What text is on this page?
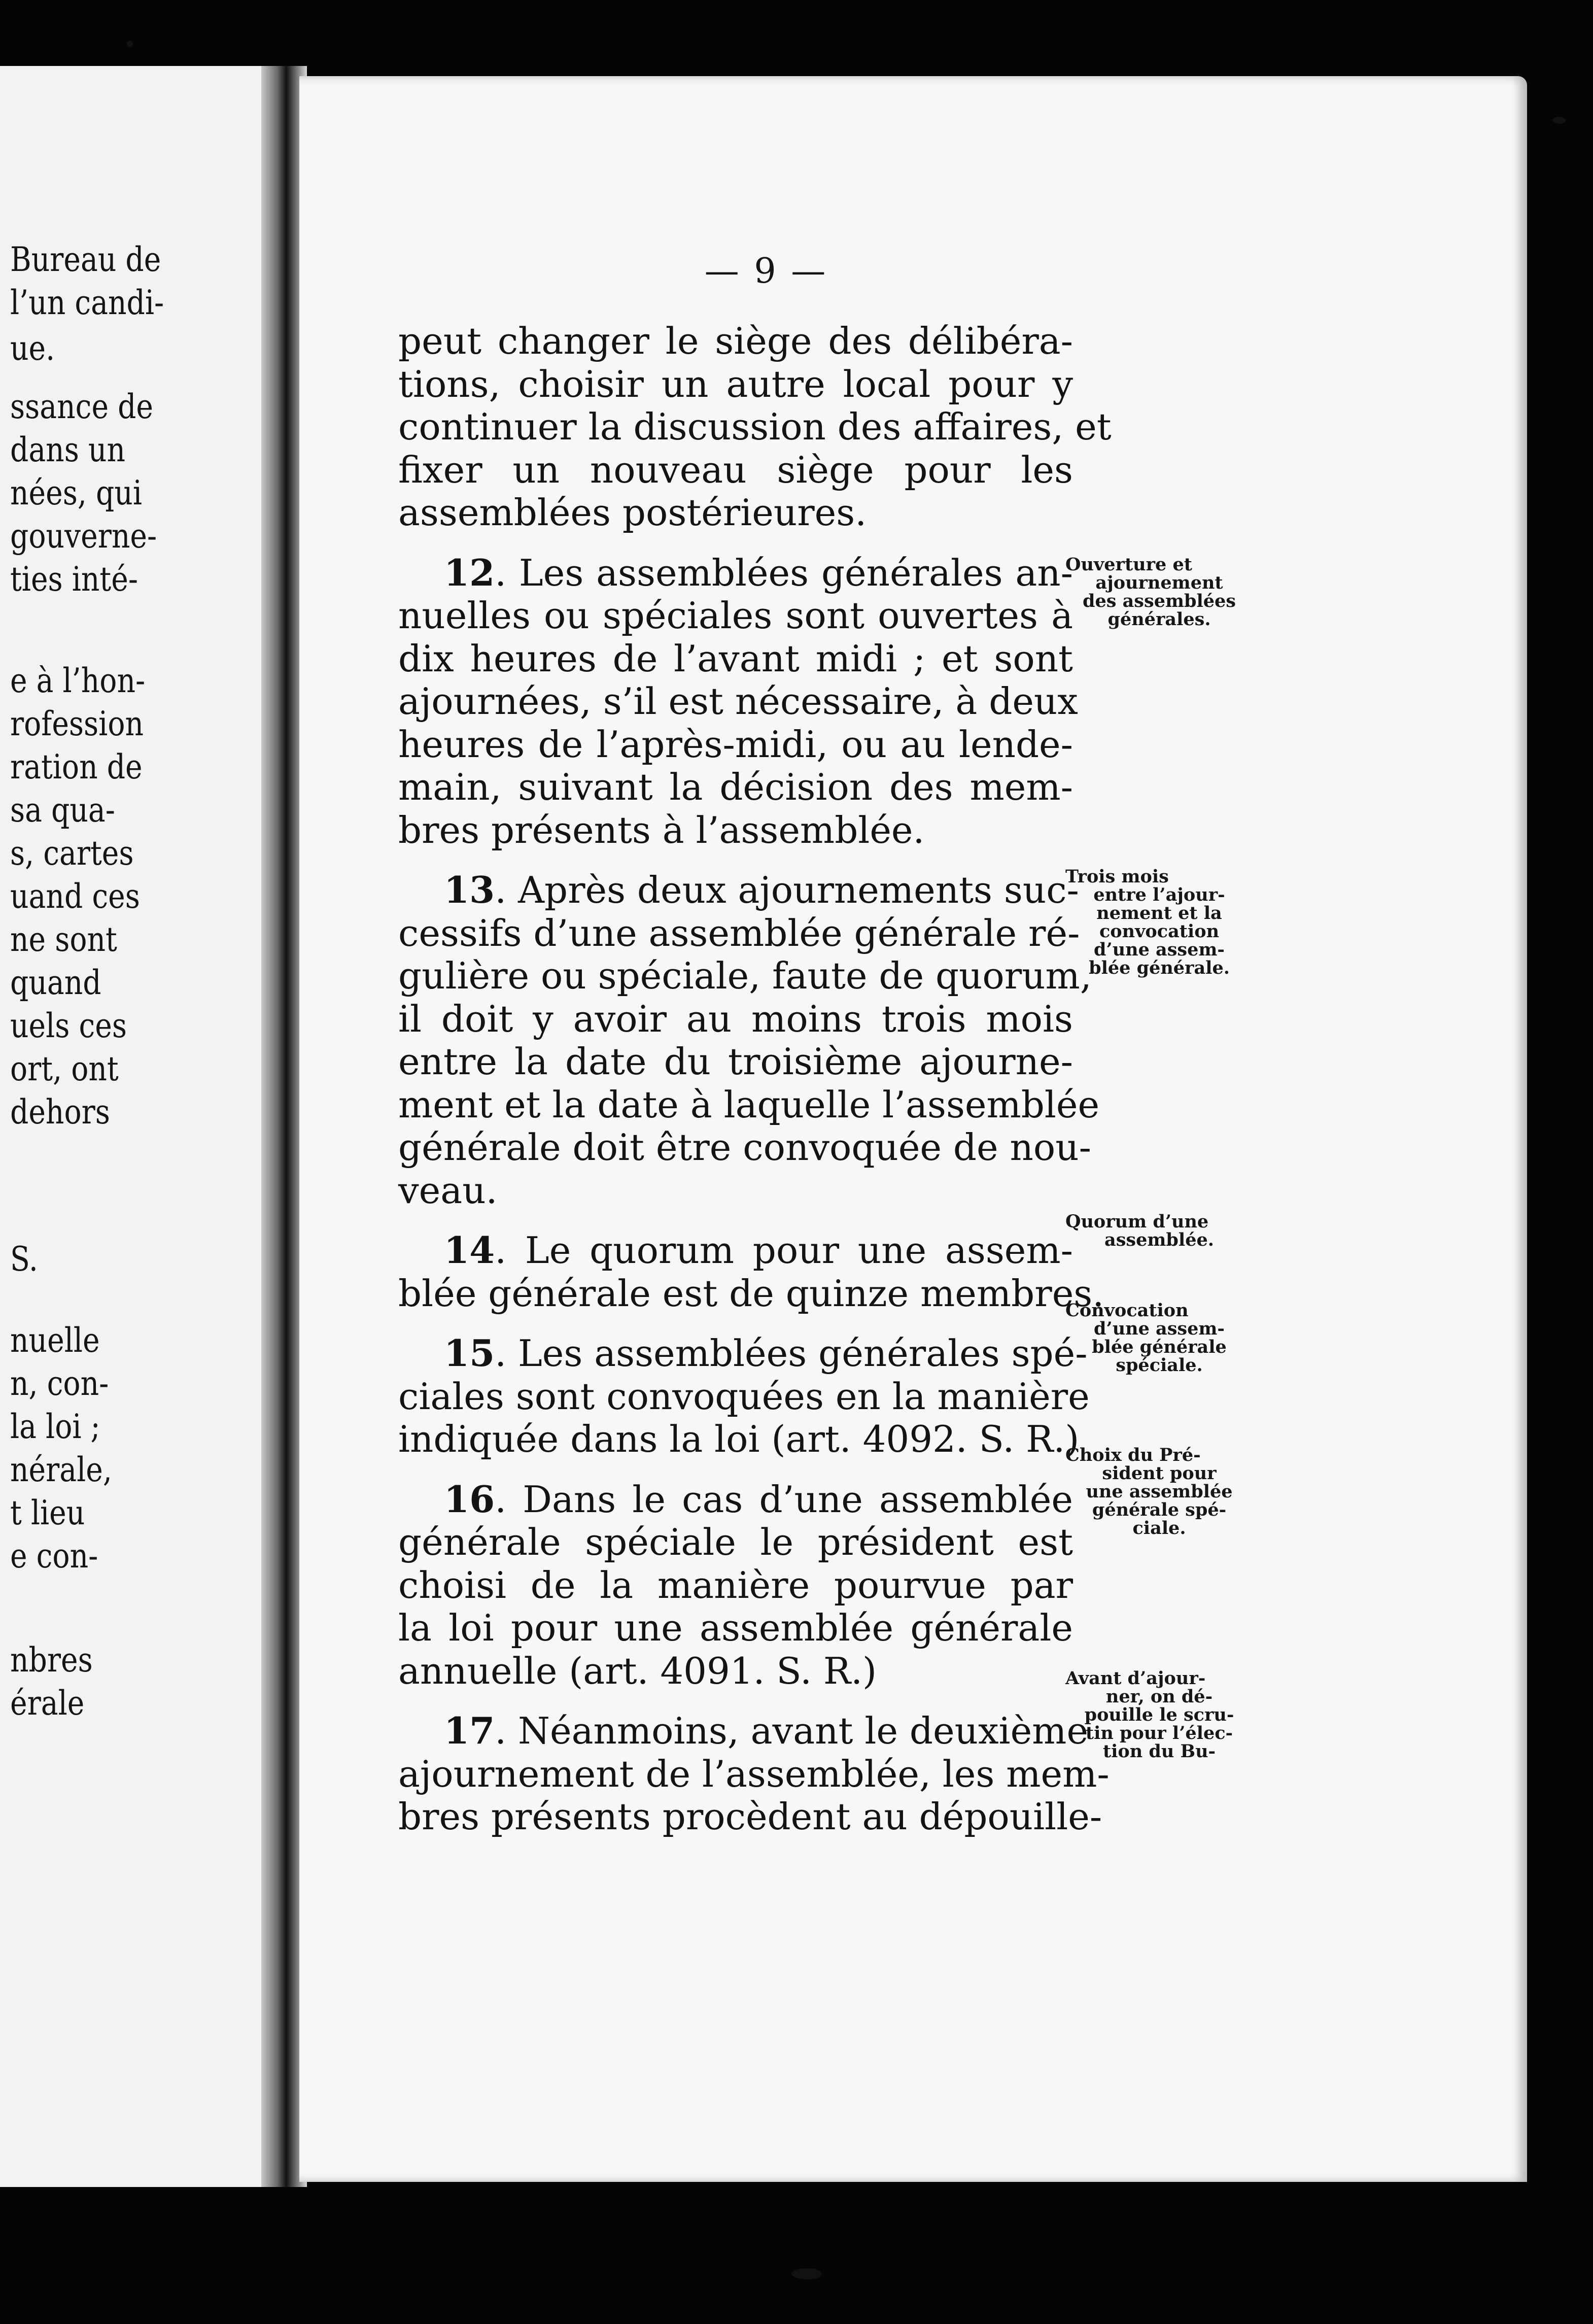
Bureau de
l’un candi-
ue.
ssance de
dans un
nées, qui
gouverne-
ties inté-
e à l’hon-
rofession
ration de
sa qua-
s, cartes
uand ces
ne sont
quand
uels ces
ort, ont
dehors
S.
nuelle
n, con-
la loi ;
nérale,
t lieu
e con-
nbres
érale
— 9 —
peut changer le siège des délibéra-
tions, choisir un autre local pour y
continuer la discussion des affaires, et
fixer un nouveau siège pour les
assemblées postérieures.
12. Les assemblées générales an-
nuelles ou spéciales sont ouvertes à
dix heures de l’avant midi ; et sont
ajournées, s’il est nécessaire, à deux
heures de l’après-midi, ou au lende-
main, suivant la décision des mem-
bres présents à l’assemblée.
13. Après deux ajournements suc-
cessifs d’une assemblée générale ré-
gulière ou spéciale, faute de quorum,
il doit y avoir au moins trois mois
entre la date du troisième ajourne-
ment et la date à laquelle l’assemblée
générale doit être convoquée de nou-
veau.
14. Le quorum pour une assem-
blée générale est de quinze membres.
15. Les assemblées générales spé-
ciales sont convoquées en la manière
indiquée dans la loi (art. 4092. S. R.)
16. Dans le cas d’une assemblée
générale spéciale le président est
choisi de la manière pourvue par
la loi pour une assemblée générale
annuelle (art. 4091. S. R.)
17. Néanmoins, avant le deuxième
ajournement de l’assemblée, les mem-
bres présents procèdent au dépouille-
Ouverture et
ajournement
des assemblées
générales.
Trois mois
entre l’ajour-
nement et la
convocation
d’une assem-
blée générale.
Quorum d’une
assemblée.
Convocation
d’une assem-
blée générale
spéciale.
Choix du Pré-
sident pour
une assemblée
générale spé-
ciale.
Avant d’ajour-
ner, on dé-
pouille le scru-
tin pour l’élec-
tion du Bu-
